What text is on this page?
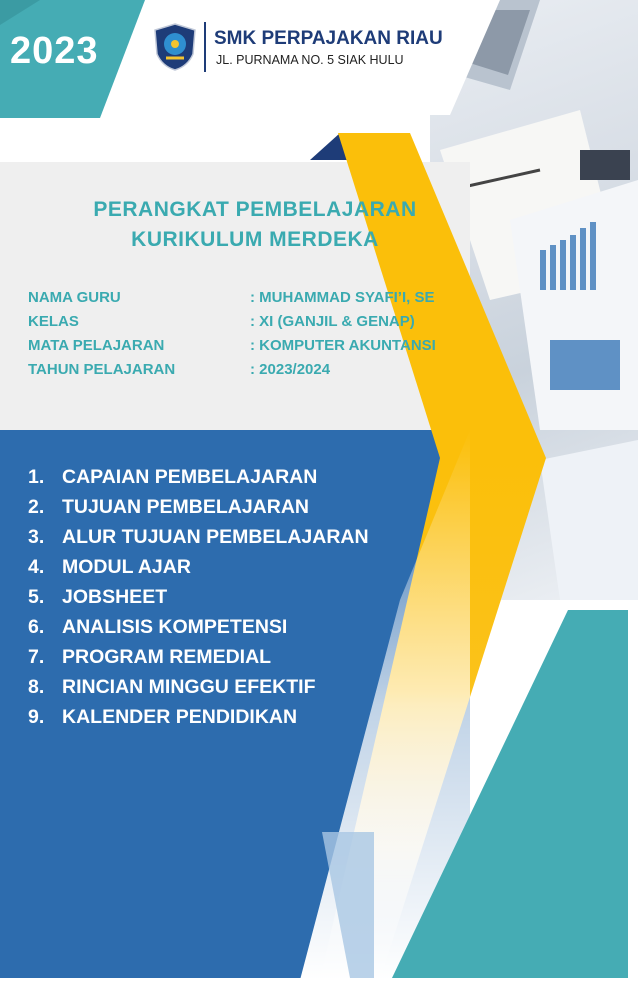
2023	SMK PERPAJAKAN RIAU
JL. PURNAMA NO. 5 SIAK HULU
PERANGKAT PEMBELAJARAN
KURIKULUM MERDEKA
NAMA GURU	: MUHAMMAD SYAFI’I, SE
KELAS	: XI (GANJIL & GENAP)
MATA PELAJARAN	: KOMPUTER AKUNTANSI
TAHUN PELAJARAN	: 2023/2024
1. CAPAIAN PEMBELAJARAN
2. TUJUAN PEMBELAJARAN
3. ALUR TUJUAN PEMBELAJARAN
4. MODUL AJAR
5. JOBSHEET
6. ANALISIS KOMPETENSI
7. PROGRAM REMEDIAL
8. RINCIAN MINGGU EFEKTIF
9. KALENDER PENDIDIKAN
